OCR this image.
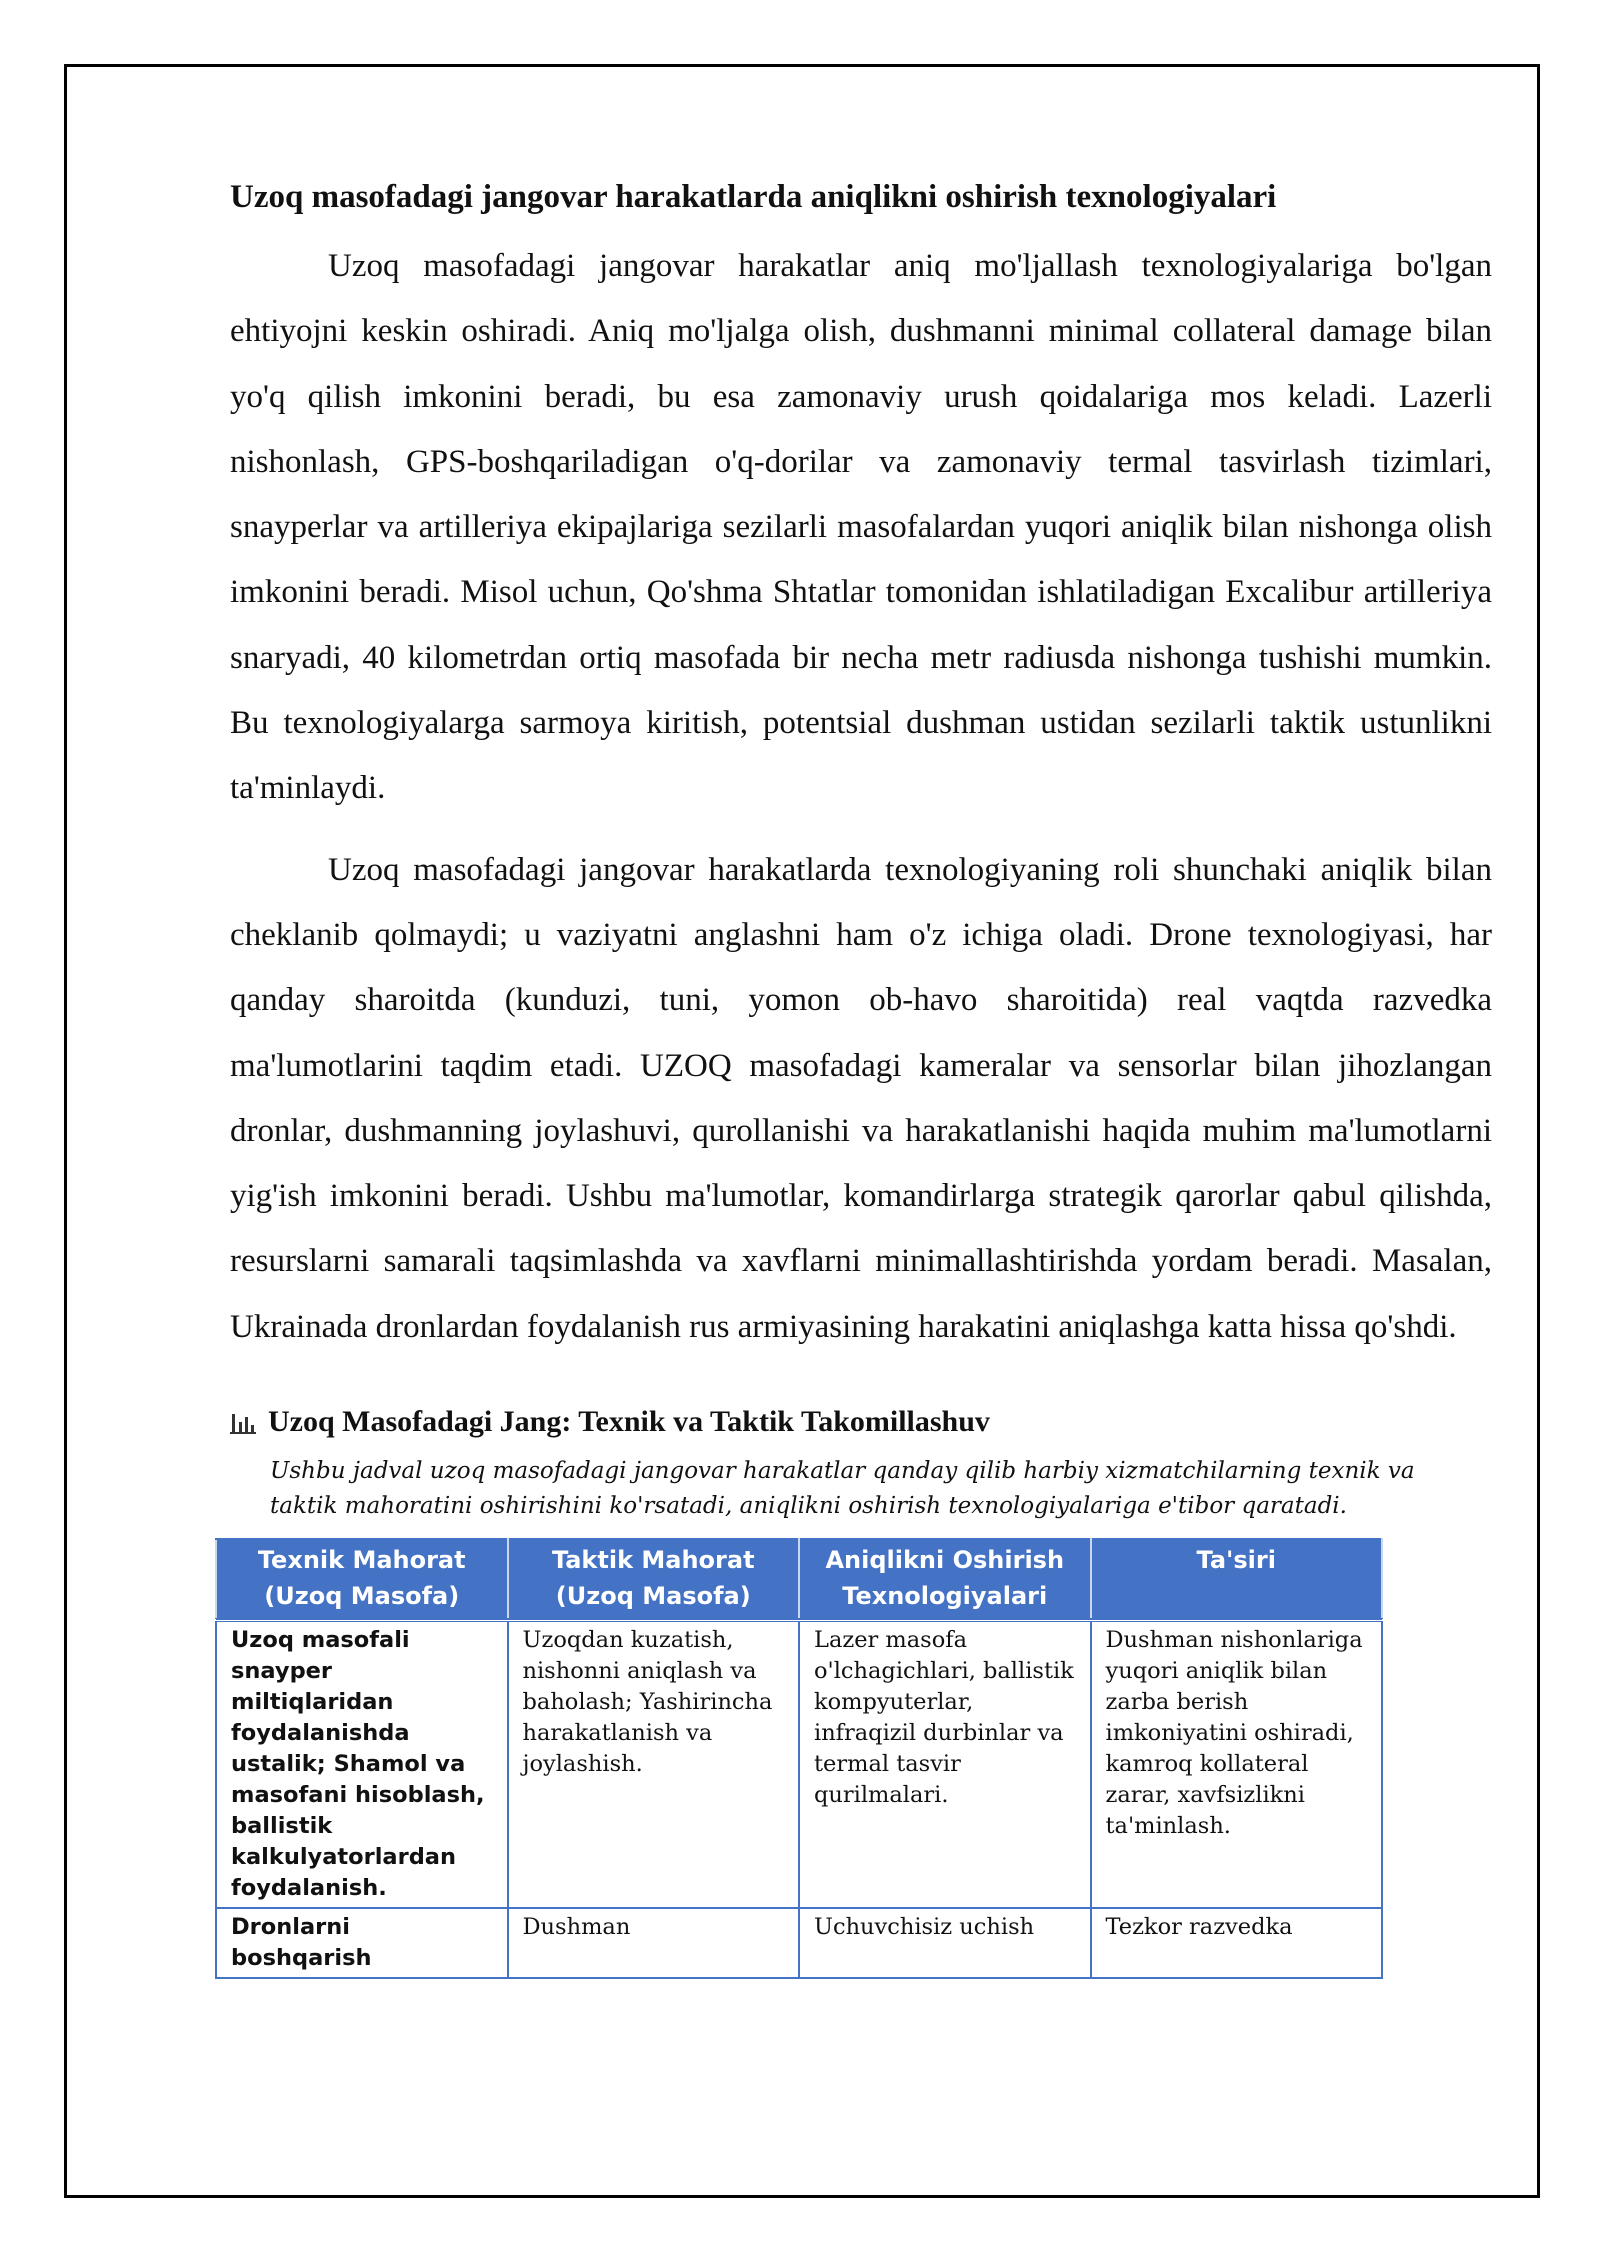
Uzoq masofadagi jangovar harakatlarda aniqlikni oshirish texnologiyalari

Uzoq masofadagi jangovar harakatlar aniq mo'ljallash texnologiyalariga bo'lgan ehtiyojni keskin oshiradi. Aniq mo'ljalga olish, dushmanni minimal collateral damage bilan yo'q qilish imkonini beradi, bu esa zamonaviy urush qoidalariga mos keladi. Lazerli nishonlash, GPS-boshqariladigan o'q-dorilar va zamonaviy termal tasvirlash tizimlari, snayperlar va artilleriya ekipajlariga sezilarli masofalardan yuqori aniqlik bilan nishonga olish imkonini beradi. Misol uchun, Qo'shma Shtatlar tomonidan ishlatiladigan Excalibur artilleriya snaryadi, 40 kilometrdan ortiq masofada bir necha metr radiusda nishonga tushishi mumkin. Bu texnologiyalarga sarmoya kiritish, potentsial dushman ustidan sezilarli taktik ustunlikni ta'minlaydi.

Uzoq masofadagi jangovar harakatlarda texnologiyaning roli shunchaki aniqlik bilan cheklanib qolmaydi; u vaziyatni anglashni ham o'z ichiga oladi. Drone texnologiyasi, har qanday sharoitda (kunduzi, tuni, yomon ob-havo sharoitida) real vaqtda razvedka ma'lumotlarini taqdim etadi. UZOQ masofadagi kameralar va sensorlar bilan jihozlangan dronlar, dushmanning joylashuvi, qurollanishi va harakatlanishi haqida muhim ma'lumotlarni yig'ish imkonini beradi. Ushbu ma'lumotlar, komandirlarga strategik qarorlar qabul qilishda, resurslarni samarali taqsimlashda va xavflarni minimallashtirishda yordam beradi. Masalan, Ukrainada dronlardan foydalanish rus armiyasining harakatini aniqlashga katta hissa qo'shdi.

Uzoq Masofadagi Jang: Texnik va Taktik Takomillashuv

Ushbu jadval uzoq masofadagi jangovar harakatlar qanday qilib harbiy xizmatchilarning texnik va taktik mahoratini oshirishini ko'rsatadi, aniqlikni oshirish texnologiyalariga e'tibor qaratadi.

Texnik Mahorat (Uzoq Masofa)	Taktik Mahorat (Uzoq Masofa)	Aniqlikni Oshirish Texnologiyalari	Ta'siri
Uzoq masofali snayper miltiqlaridan foydalanishda ustalik; Shamol va masofani hisoblash, ballistik kalkulyatorlardan foydalanish.	Uzoqdan kuzatish, nishonni aniqlash va baholash; Yashirincha harakatlanish va joylashish.	Lazer masofa o'lchagichlari, ballistik kompyuterlar, infraqizil durbinlar va termal tasvir qurilmalari.	Dushman nishonlariga yuqori aniqlik bilan zarba berish imkoniyatini oshiradi, kamroq kollateral zarar, xavfsizlikni ta'minlash.
Dronlarni boshqarish	Dushman	Uchuvchisiz uchish	Tezkor razvedka
